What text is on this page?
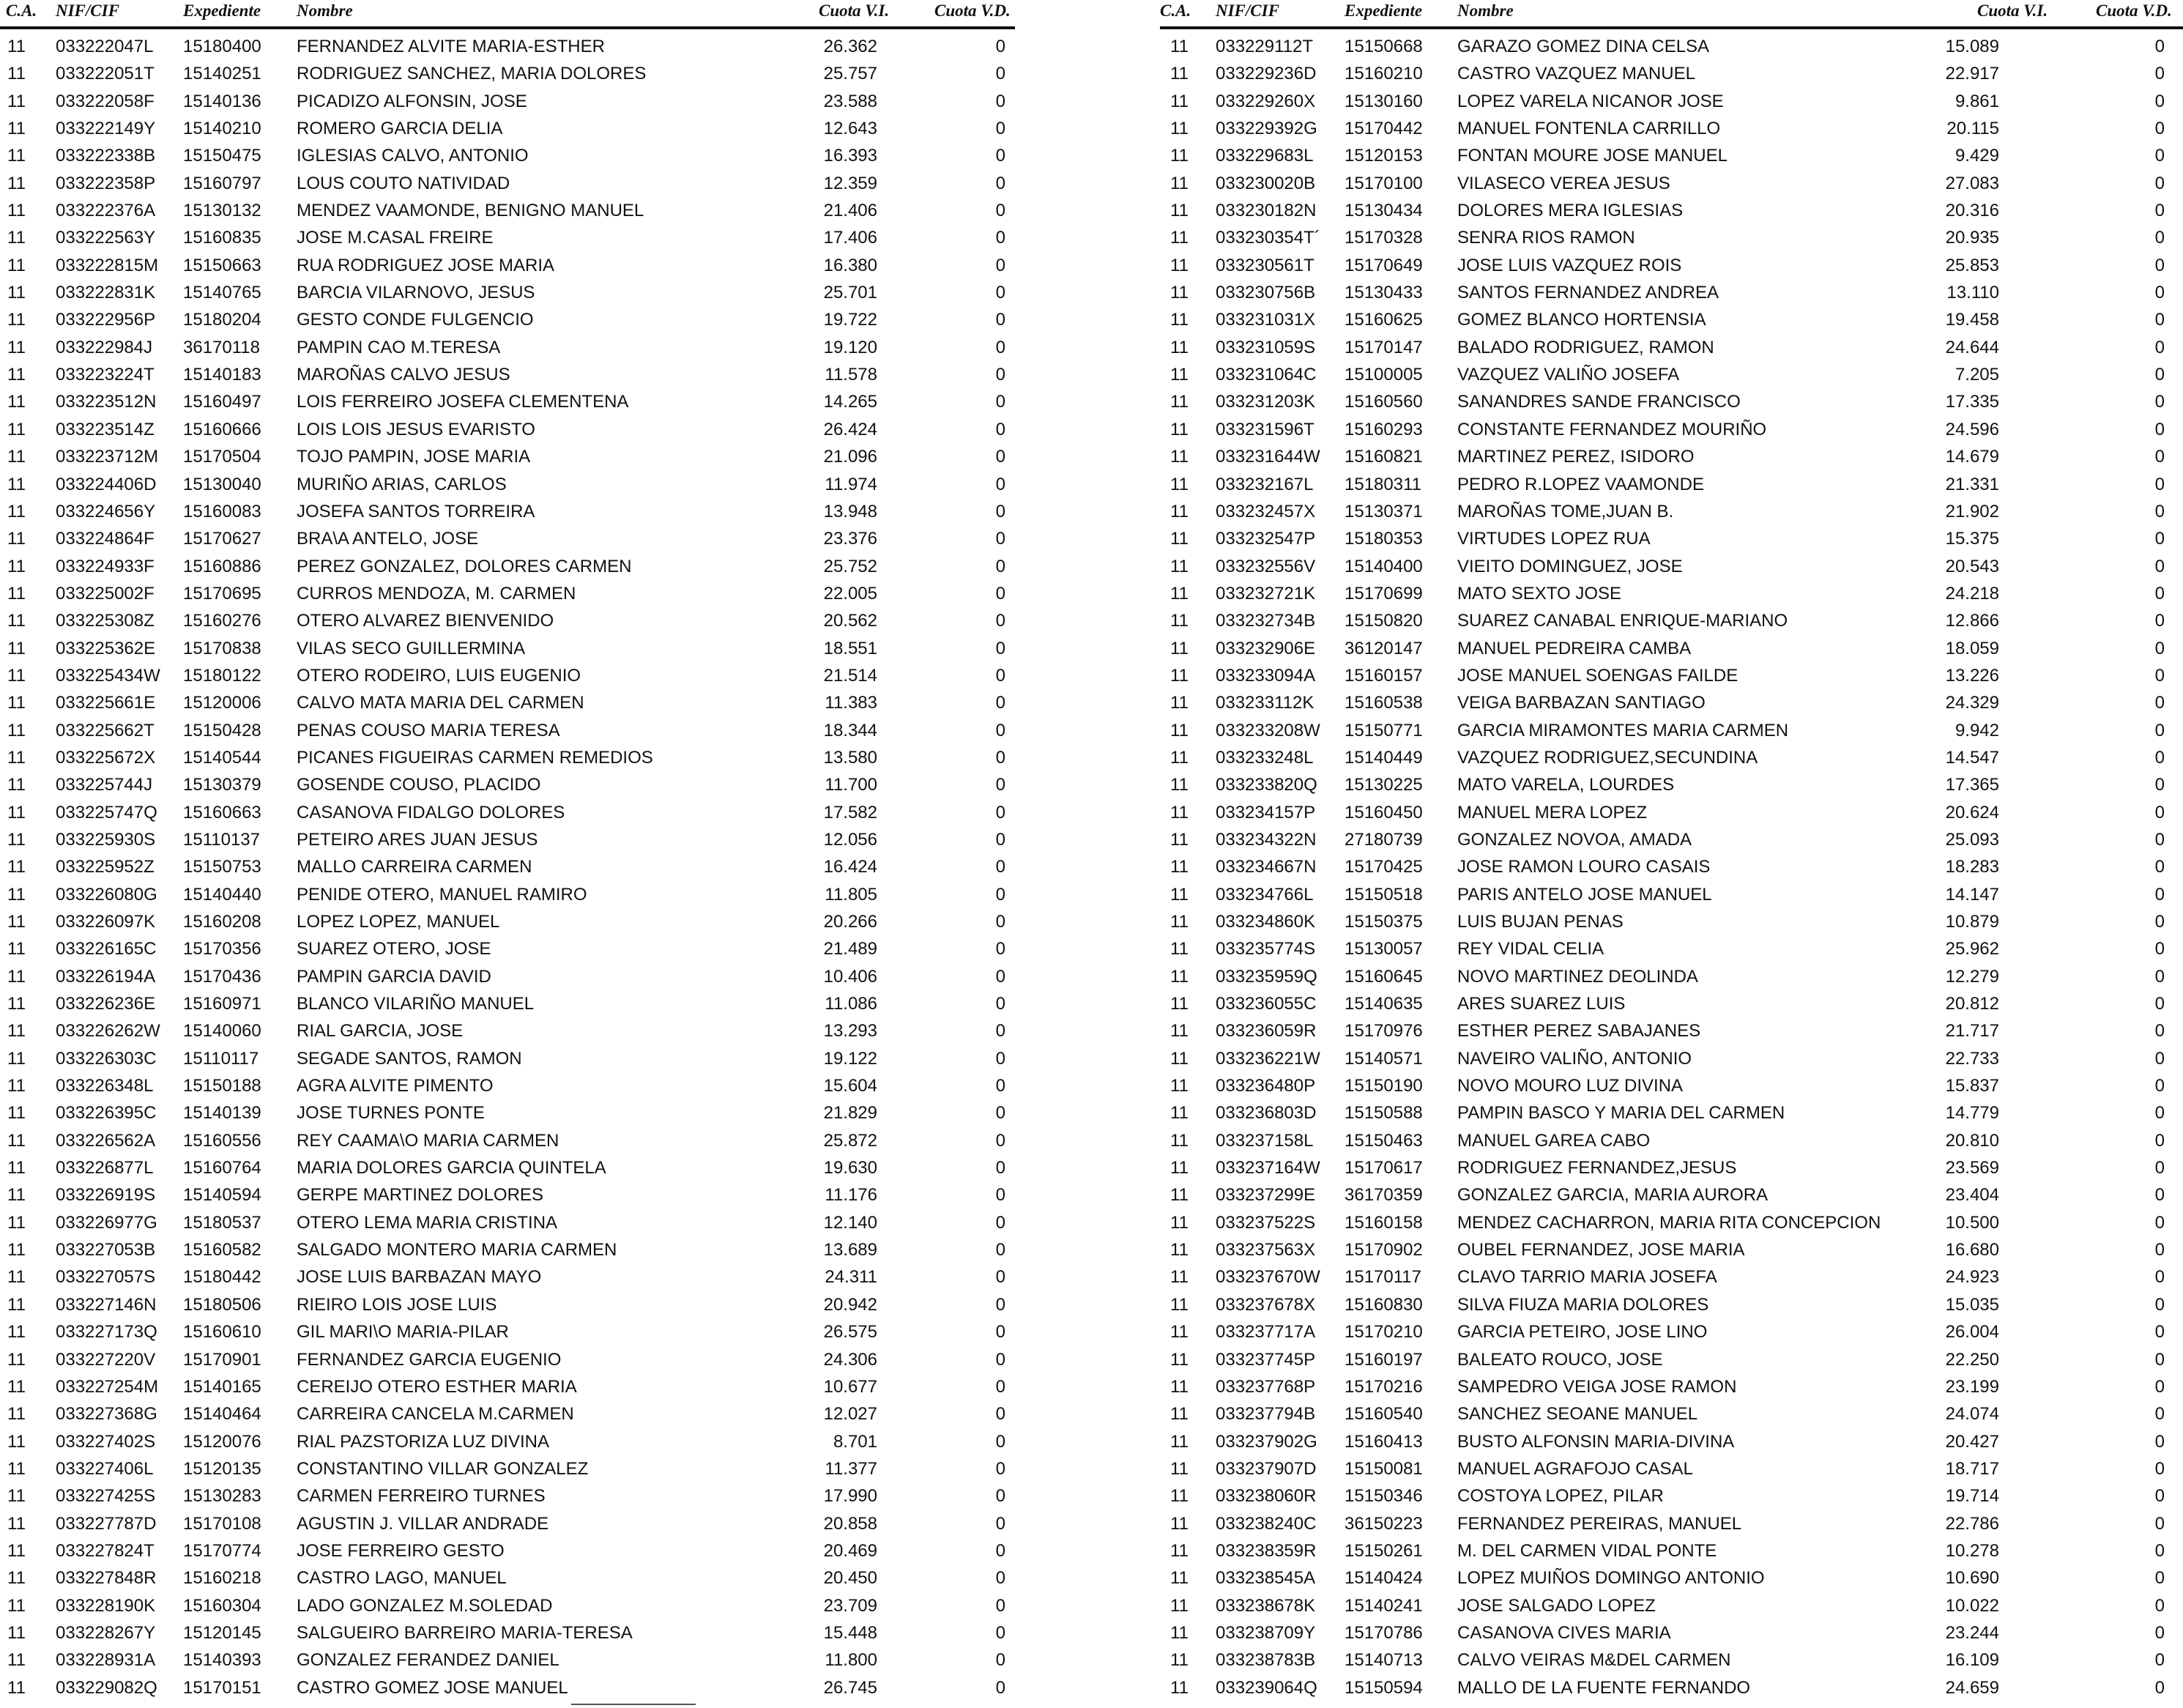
C.A. NIF/CIF	Expediente Nombre	Cuota V.I.	Cuota V.D.
11 033222047L 15180400 FERNANDEZ ALVITE MARIA-ESTHER	26.362	0
11 033222051T 15140251 RODRIGUEZ SANCHEZ, MARIA DOLORES	25.757	0
11 033222058F 15140136 PICADIZO ALFONSIN, JOSE	23.588	0
11 033222149Y 15140210 ROMERO GARCIA DELIA	12.643	0
11 033222338B 15150475 IGLESIAS CALVO, ANTONIO	16.393	0
11 033222358P 15160797 LOUS COUTO NATIVIDAD	12.359	0
11 033222376A 15130132 MENDEZ VAAMONDE, BENIGNO MANUEL	21.406	0
11 033222563Y 15160835 JOSE M.CASAL FREIRE	17.406	0
11 033222815M 15150663 RUA RODRIGUEZ JOSE MARIA	16.380	0
11 033222831K 15140765 BARCIA VILARNOVO, JESUS	25.701	0
11 033222956P 15180204 GESTO CONDE FULGENCIO	19.722	0
11 033222984J 36170118 PAMPIN CAO M.TERESA	19.120	0
11 033223224T 15140183 MAROÑAS CALVO JESUS	11.578	0
11 033223512N 15160497 LOIS FERREIRO JOSEFA CLEMENTENA	14.265	0
11 033223514Z 15160666 LOIS LOIS JESUS EVARISTO	26.424	0
11 033223712M 15170504 TOJO PAMPIN, JOSE MARIA	21.096	0
11 033224406D 15130040 MURIÑO ARIAS, CARLOS	11.974	0
11 033224656Y 15160083 JOSEFA SANTOS TORREIRA	13.948	0
11 033224864F 15170627 BRA\A ANTELO, JOSE	23.376	0
11 033224933F 15160886 PEREZ GONZALEZ, DOLORES CARMEN	25.752	0
11 033225002F 15170695 CURROS MENDOZA, M. CARMEN	22.005	0
11 033225308Z 15160276 OTERO ALVAREZ BIENVENIDO	20.562	0
11 033225362E 15170838 VILAS SECO GUILLERMINA	18.551	0
11 033225434W 15180122 OTERO RODEIRO, LUIS EUGENIO	21.514	0
11 033225661E 15120006 CALVO MATA MARIA DEL CARMEN	11.383	0
11 033225662T 15150428 PENAS COUSO MARIA TERESA	18.344	0
11 033225672X 15140544 PICANES FIGUEIRAS CARMEN REMEDIOS	13.580	0
11 033225744J 15130379 GOSENDE COUSO, PLACIDO	11.700	0
11 033225747Q 15160663 CASANOVA FIDALGO DOLORES	17.582	0
11 033225930S 15110137 PETEIRO ARES JUAN JESUS	12.056	0
11 033225952Z 15150753 MALLO CARREIRA CARMEN	16.424	0
11 033226080G 15140440 PENIDE OTERO, MANUEL RAMIRO	11.805	0
11 033226097K 15160208 LOPEZ LOPEZ, MANUEL	20.266	0
11 033226165C 15170356 SUAREZ OTERO, JOSE	21.489	0
11 033226194A 15170436 PAMPIN GARCIA DAVID	10.406	0
11 033226236E 15160971 BLANCO VILARIÑO MANUEL	11.086	0
11 033226262W 15140060 RIAL GARCIA, JOSE	13.293	0
11 033226303C 15110117 SEGADE SANTOS, RAMON	19.122	0
11 033226348L 15150188 AGRA ALVITE PIMENTO	15.604	0
11 033226395C 15140139 JOSE TURNES PONTE	21.829	0
11 033226562A 15160556 REY CAAMA\O MARIA CARMEN	25.872	0
11 033226877L 15160764 MARIA DOLORES GARCIA QUINTELA	19.630	0
11 033226919S 15140594 GERPE MARTINEZ DOLORES	11.176	0
11 033226977G 15180537 OTERO LEMA MARIA CRISTINA	12.140	0
11 033227053B 15160582 SALGADO MONTERO MARIA CARMEN	13.689	0
11 033227057S 15180442 JOSE LUIS BARBAZAN MAYO	24.311	0
11 033227146N 15180506 RIEIRO LOIS JOSE LUIS	20.942	0
11 033227173Q 15160610 GIL MARI\O MARIA-PILAR	26.575	0
11 033227220V 15170901 FERNANDEZ GARCIA EUGENIO	24.306	0
11 033227254M 15140165 CEREIJO OTERO ESTHER MARIA	10.677	0
11 033227368G 15140464 CARREIRA CANCELA M.CARMEN	12.027	0
11 033227402S 15120076 RIAL PAZSTORIZA LUZ DIVINA	8.701	0
11 033227406L 15120135 CONSTANTINO VILLAR GONZALEZ	11.377	0
11 033227425S 15130283 CARMEN FERREIRO TURNES	17.990	0
11 033227787D 15170108 AGUSTIN J. VILLAR ANDRADE	20.858	0
11 033227824T 15170774 JOSE FERREIRO GESTO	20.469	0
11 033227848R 15160218 CASTRO LAGO, MANUEL	20.450	0
11 033228190K 15160304 LADO GONZALEZ M.SOLEDAD	23.709	0
11 033228267Y 15120145 SALGUEIRO BARREIRO MARIA-TERESA	15.448	0
11 033228931A 15140393 GONZALEZ FERANDEZ DANIEL	11.800	0
11 033229082Q 15170151 CASTRO GOMEZ JOSE MANUEL	26.745	0
C.A. NIF/CIF	Expediente Nombre	Cuota V.I.	Cuota V.D.
11 033229112T 15150668 GARAZO GOMEZ DINA CELSA	15.089	0
11 033229236D 15160210 CASTRO VAZQUEZ MANUEL	22.917	0
11 033229260X 15130160 LOPEZ VARELA NICANOR JOSE	9.861	0
11 033229392G 15170442 MANUEL FONTENLA CARRILLO	20.115	0
11 033229683L 15120153 FONTAN MOURE JOSE MANUEL	9.429	0
11 033230020B 15170100 VILASECO VEREA JESUS	27.083	0
11 033230182N 15130434 DOLORES MERA IGLESIAS	20.316	0
11 033230354T´ 15170328 SENRA RIOS RAMON	20.935	0
11 033230561T 15170649 JOSE LUIS VAZQUEZ ROIS	25.853	0
11 033230756B 15130433 SANTOS FERNANDEZ ANDREA	13.110	0
11 033231031X 15160625 GOMEZ BLANCO HORTENSIA	19.458	0
11 033231059S 15170147 BALADO RODRIGUEZ, RAMON	24.644	0
11 033231064C 15100005 VAZQUEZ VALIÑO JOSEFA	7.205	0
11 033231203K 15160560 SANANDRES SANDE FRANCISCO	17.335	0
11 033231596T 15160293 CONSTANTE FERNANDEZ MOURIÑO	24.596	0
11 033231644W 15160821 MARTINEZ PEREZ, ISIDORO	14.679	0
11 033232167L 15180311 PEDRO R.LOPEZ VAAMONDE	21.331	0
11 033232457X 15130371 MAROÑAS TOME,JUAN B.	21.902	0
11 033232547P 15180353 VIRTUDES LOPEZ RUA	15.375	0
11 033232556V 15140400 VIEITO DOMINGUEZ, JOSE	20.543	0
11 033232721K 15170699 MATO SEXTO JOSE	24.218	0
11 033232734B 15150820 SUAREZ CANABAL ENRIQUE-MARIANO	12.866	0
11 033232906E 36120147 MANUEL PEDREIRA CAMBA	18.059	0
11 033233094A 15160157 JOSE MANUEL SOENGAS FAILDE	13.226	0
11 033233112K 15160538 VEIGA BARBAZAN SANTIAGO	24.329	0
11 033233208W 15150771 GARCIA MIRAMONTES MARIA CARMEN	9.942	0
11 033233248L 15140449 VAZQUEZ RODRIGUEZ,SECUNDINA	14.547	0
11 033233820Q 15130225 MATO VARELA, LOURDES	17.365	0
11 033234157P 15160450 MANUEL MERA LOPEZ	20.624	0
11 033234322N 27180739 GONZALEZ NOVOA, AMADA	25.093	0
11 033234667N 15170425 JOSE RAMON LOURO CASAIS	18.283	0
11 033234766L 15150518 PARIS ANTELO JOSE MANUEL	14.147	0
11 033234860K 15150375 LUIS BUJAN PENAS	10.879	0
11 033235774S 15130057 REY VIDAL CELIA	25.962	0
11 033235959Q 15160645 NOVO MARTINEZ DEOLINDA	12.279	0
11 033236055C 15140635 ARES SUAREZ LUIS	20.812	0
11 033236059R 15170976 ESTHER PEREZ SABAJANES	21.717	0
11 033236221W 15140571 NAVEIRO VALIÑO, ANTONIO	22.733	0
11 033236480P 15150190 NOVO MOURO LUZ DIVINA	15.837	0
11 033236803D 15150588 PAMPIN BASCO Y MARIA DEL CARMEN	14.779	0
11 033237158L 15150463 MANUEL GAREA CABO	20.810	0
11 033237164W 15170617 RODRIGUEZ FERNANDEZ,JESUS	23.569	0
11 033237299E 36170359 GONZALEZ GARCIA, MARIA AURORA	23.404	0
11 033237522S 15160158 MENDEZ CACHARRON, MARIA RITA CONCEPCION	10.500	0
11 033237563X 15170902 OUBEL FERNANDEZ, JOSE MARIA	16.680	0
11 033237670W 15170117 CLAVO TARRIO MARIA JOSEFA	24.923	0
11 033237678X 15160830 SILVA FIUZA MARIA DOLORES	15.035	0
11 033237717A 15170210 GARCIA PETEIRO, JOSE LINO	26.004	0
11 033237745P 15160197 BALEATO ROUCO, JOSE	22.250	0
11 033237768P 15170216 SAMPEDRO VEIGA JOSE RAMON	23.199	0
11 033237794B 15160540 SANCHEZ SEOANE MANUEL	24.074	0
11 033237902G 15160413 BUSTO ALFONSIN MARIA-DIVINA	20.427	0
11 033237907D 15150081 MANUEL AGRAFOJO CASAL	18.717	0
11 033238060R 15150346 COSTOYA LOPEZ, PILAR	19.714	0
11 033238240C 36150223 FERNANDEZ PEREIRAS, MANUEL	22.786	0
11 033238359R 15150261 M. DEL CARMEN VIDAL PONTE	10.278	0
11 033238545A 15140424 LOPEZ MUIÑOS DOMINGO ANTONIO	10.690	0
11 033238678K 15140241 JOSE SALGADO LOPEZ	10.022	0
11 033238709Y 15170786 CASANOVA CIVES MARIA	23.244	0
11 033238783B 15140713 CALVO VEIRAS M&DEL CARMEN	16.109	0
11 033239064Q 15150594 MALLO DE LA FUENTE FERNANDO	24.659	0
